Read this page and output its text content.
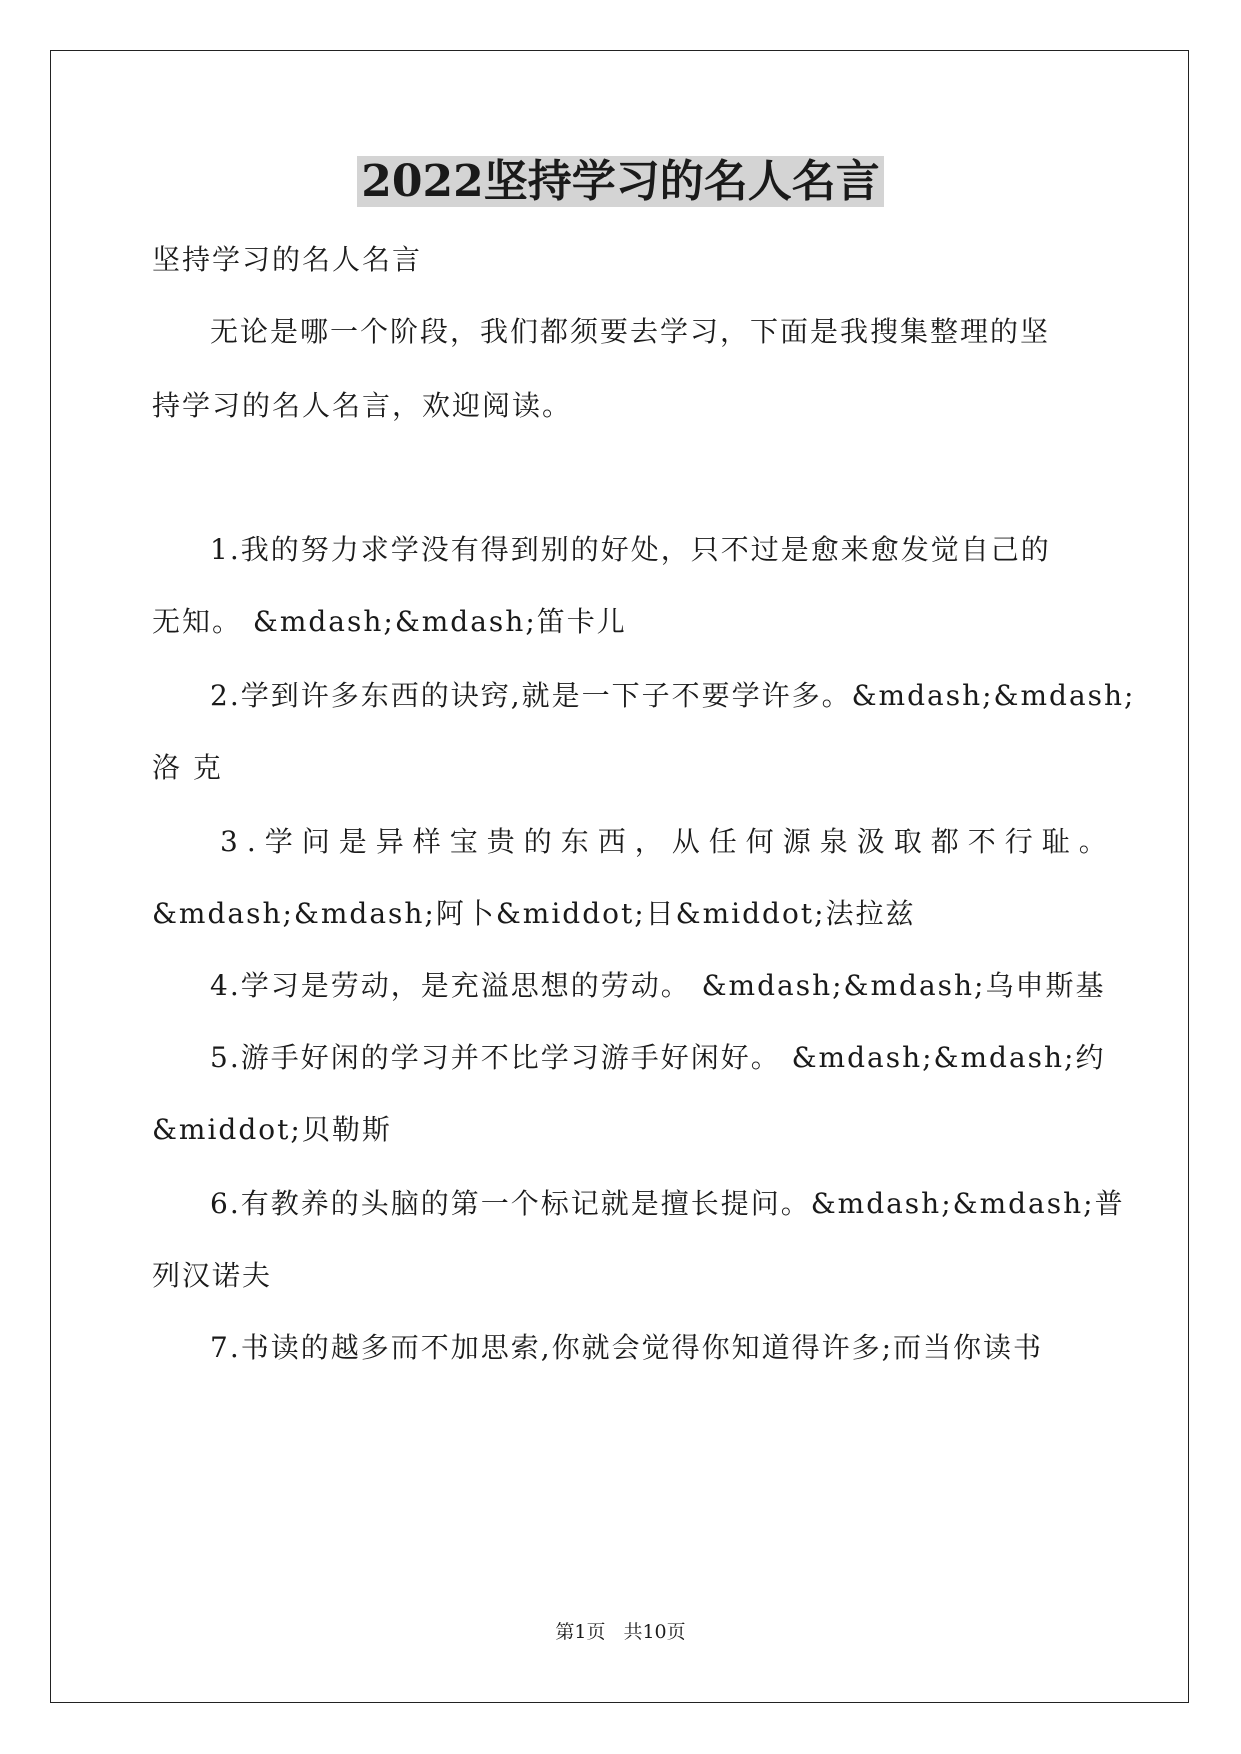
2022坚持学习的名人名言
坚持学习的名人名言
无论是哪一个阶段，我们都须要去学习，下面是我搜集整理的坚
持学习的名人名言，欢迎阅读。
1.我的努力求学没有得到别的好处，只不过是愈来愈发觉自己的
无知。 &mdash;&mdash;笛卡儿
2.学到许多东西的诀窍,就是一下子不要学许多。&mdash;&mdash;
洛 克
3.学问是异样宝贵的东西，从任何源泉汲取都不行耻。
&mdash;&mdash;阿卜&middot;日&middot;法拉兹
4.学习是劳动，是充溢思想的劳动。 &mdash;&mdash;乌申斯基
5.游手好闲的学习并不比学习游手好闲好。 &mdash;&mdash;约
&middot;贝勒斯
6.有教养的头脑的第一个标记就是擅长提问。&mdash;&mdash;普
列汉诺夫
7.书读的越多而不加思索,你就会觉得你知道得许多;而当你读书
第1页 共10页
